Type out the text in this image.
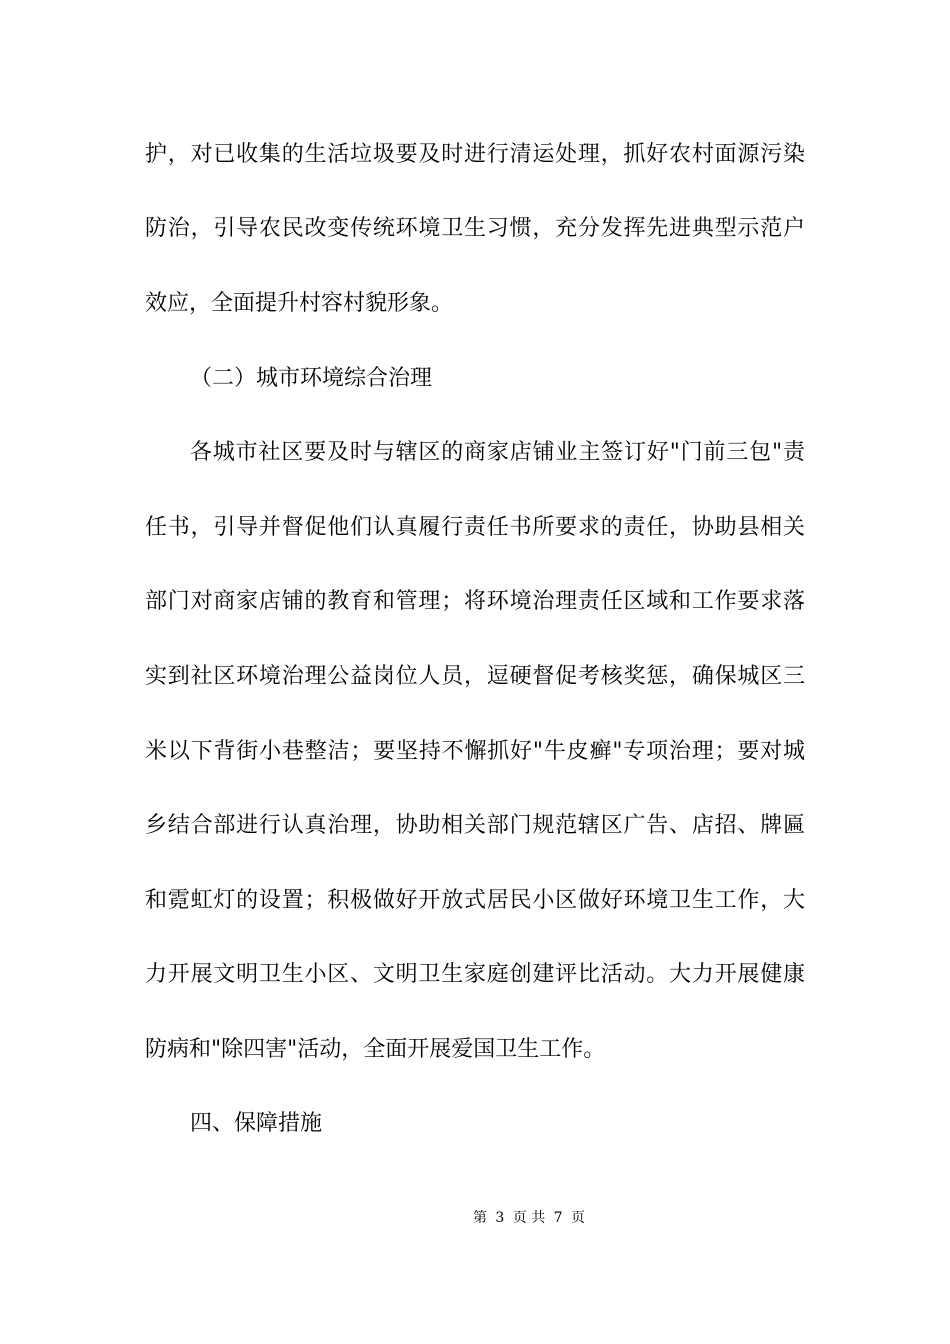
护，对已收集的生活垃圾要及时进行清运处理，抓好农村面源污染
防治，引导农民改变传统环境卫生习惯，充分发挥先进典型示范户
效应，全面提升村容村貌形象。
（二）城市环境综合治理
各城市社区要及时与辖区的商家店铺业主签订好"门前三包"责
任书，引导并督促他们认真履行责任书所要求的责任，协助县相关
部门对商家店铺的教育和管理；将环境治理责任区域和工作要求落
实到社区环境治理公益岗位人员，逗硬督促考核奖惩，确保城区三
米以下背街小巷整洁；要坚持不懈抓好"牛皮癣"专项治理；要对城
乡结合部进行认真治理，协助相关部门规范辖区广告、店招、牌匾
和霓虹灯的设置；积极做好开放式居民小区做好环境卫生工作，大
力开展文明卫生小区、文明卫生家庭创建评比活动。大力开展健康
防病和"除四害"活动，全面开展爱国卫生工作。
四、保障措施
第 3 页 共 7 页
